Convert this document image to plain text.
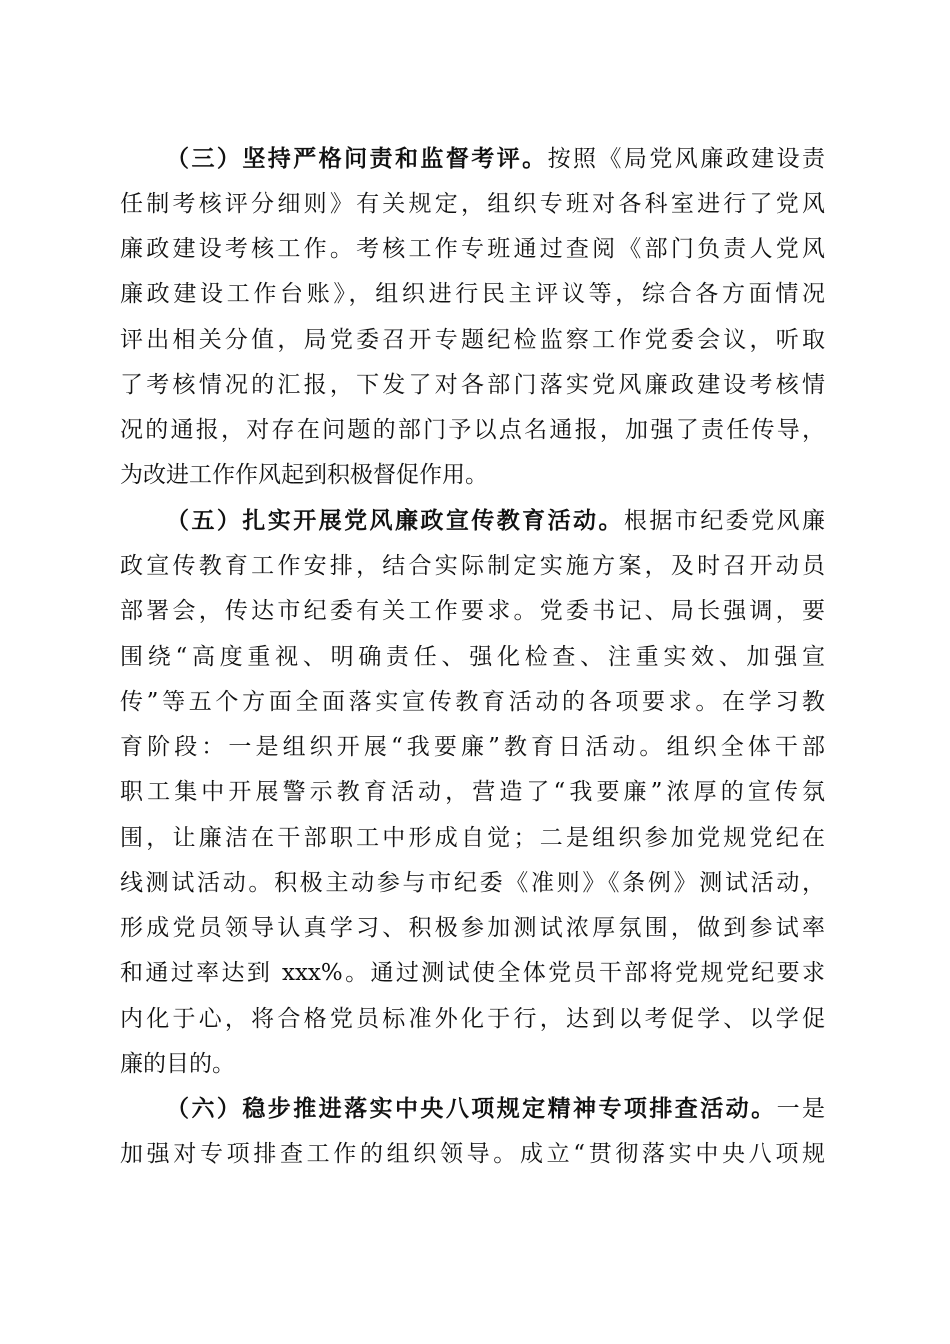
（三）坚持严格问责和监督考评。按照《局党风廉政建设责
任制考核评分细则》有关规定，组织专班对各科室进行了党风
廉政建设考核工作。考核工作专班通过查阅《部门负责人党风
廉政建设工作台账》，组织进行民主评议等，综合各方面情况
评出相关分值，局党委召开专题纪检监察工作党委会议，听取
了考核情况的汇报，下发了对各部门落实党风廉政建设考核情
况的通报，对存在问题的部门予以点名通报，加强了责任传导，
为改进工作作风起到积极督促作用。
（五）扎实开展党风廉政宣传教育活动。根据市纪委党风廉
政宣传教育工作安排，结合实际制定实施方案，及时召开动员
部署会，传达市纪委有关工作要求。党委书记、局长强调，要
围绕“高度重视、明确责任、强化检查、注重实效、加强宣
传”等五个方面全面落实宣传教育活动的各项要求。在学习教
育阶段：一是组织开展“我要廉”教育日活动。组织全体干部
职工集中开展警示教育活动，营造了“我要廉”浓厚的宣传氛
围，让廉洁在干部职工中形成自觉；二是组织参加党规党纪在
线测试活动。积极主动参与市纪委《准则》《条例》测试活动，
形成党员领导认真学习、积极参加测试浓厚氛围，做到参试率
和通过率达到 xxx%。通过测试使全体党员干部将党规党纪要求
内化于心，将合格党员标准外化于行，达到以考促学、以学促
廉的目的。
（六）稳步推进落实中央八项规定精神专项排查活动。一是
加强对专项排查工作的组织领导。成立“贯彻落实中央八项规
